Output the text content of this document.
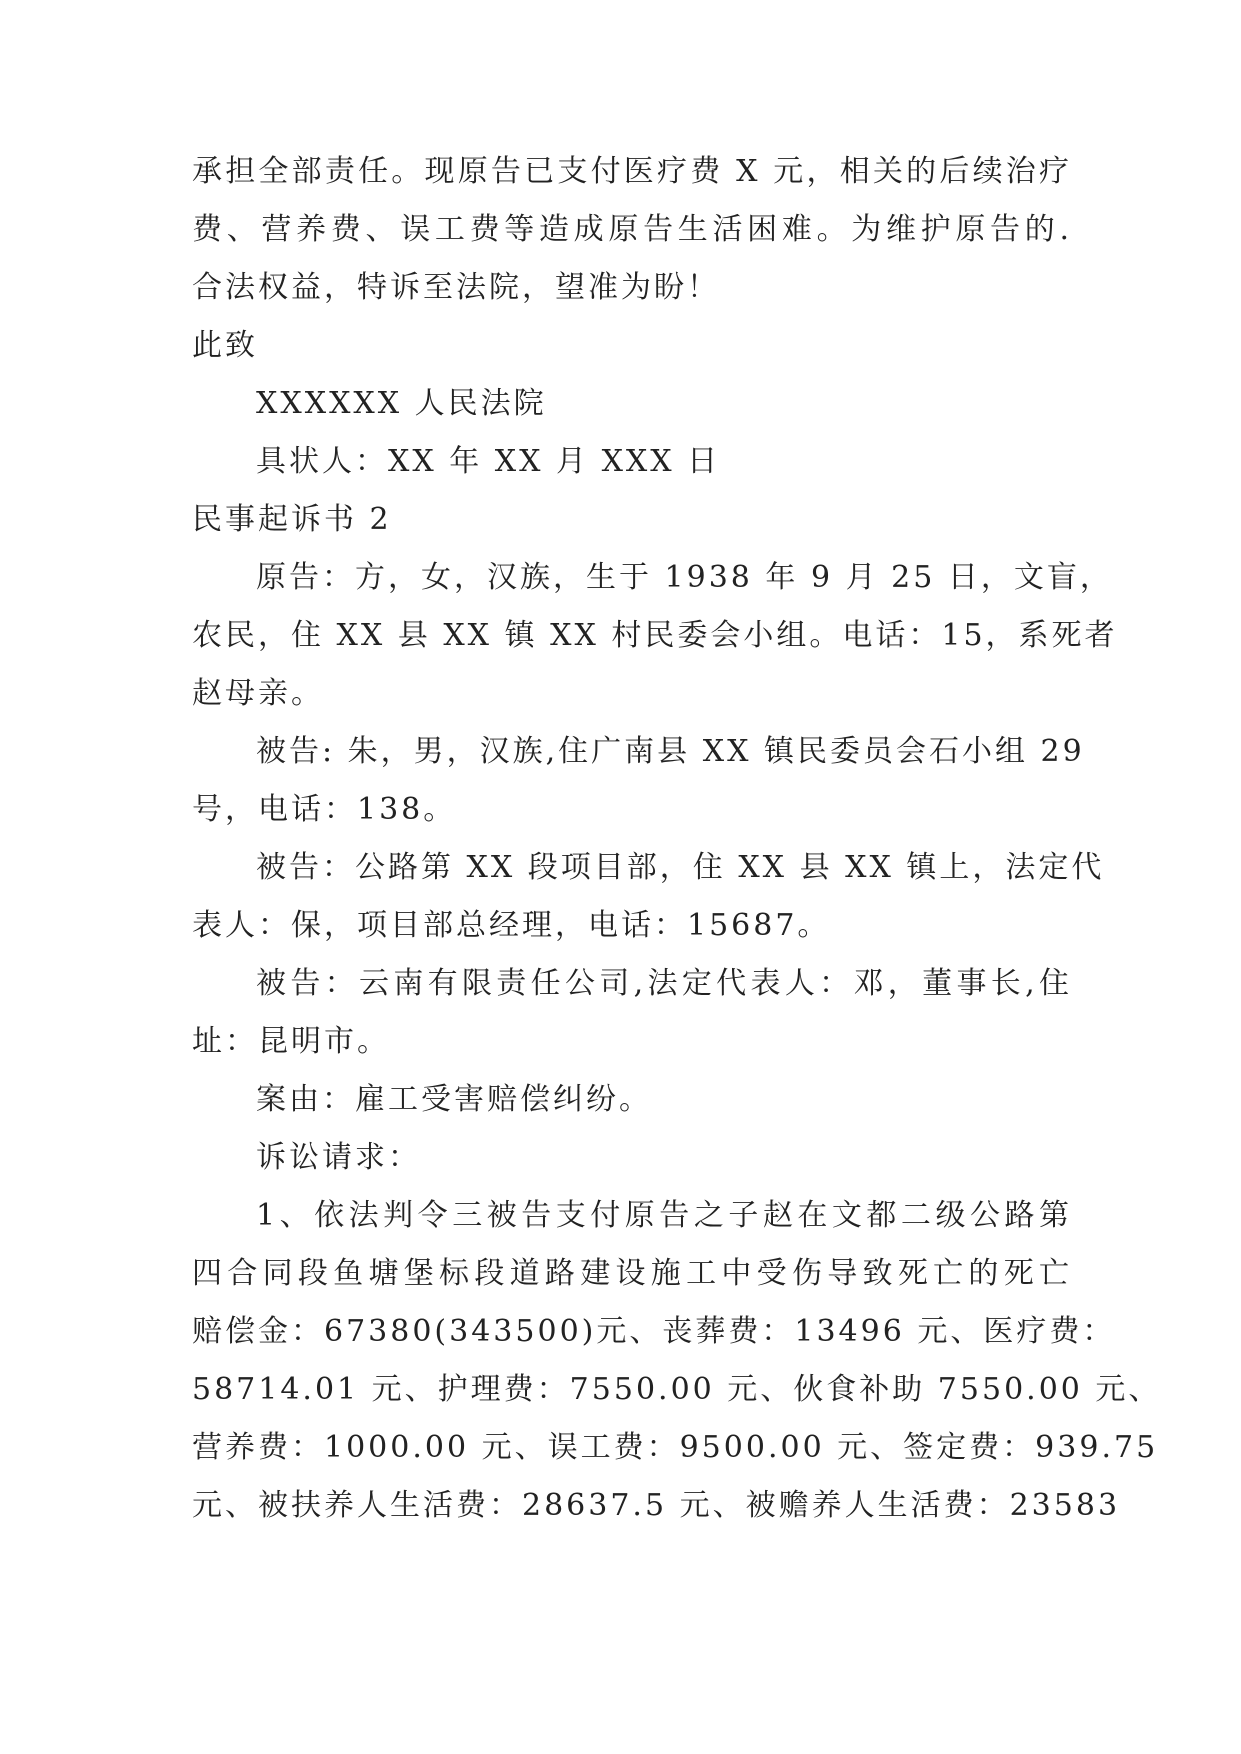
承担全部责任。现原告已支付医疗费 X 元，相关的后续治疗
费、营养费、误工费等造成原告生活困难。为维护原告的.
合法权益，特诉至法院，望准为盼！
此致
XXXXXX 人民法院
具状人：XX 年 XX 月 XXX 日
民事起诉书 2
原告：方，女，汉族，生于 1938 年 9 月 25 日，文盲，
农民，住 XX 县 XX 镇 XX 村民委会小组。电话：15，系死者
赵母亲。
被告: 朱，男，汉族,住广南县 XX 镇民委员会石小组 29
号，电话：138。
被告：公路第 XX 段项目部，住 XX 县 XX 镇上，法定代
表人：保，项目部总经理，电话：15687。
被告：云南有限责任公司,法定代表人：邓，董事长,住
址：昆明市。
案由：雇工受害赔偿纠纷。
诉讼请求：
1、依法判令三被告支付原告之子赵在文都二级公路第
四合同段鱼塘堡标段道路建设施工中受伤导致死亡的死亡
赔偿金：67380(343500)元、丧葬费：13496 元、医疗费：
58714.01 元、护理费：7550.00 元、伙食补助 7550.00 元、
营养费：1000.00 元、误工费：9500.00 元、签定费：939.75
元、被扶养人生活费：28637.5 元、被赡养人生活费：23583
